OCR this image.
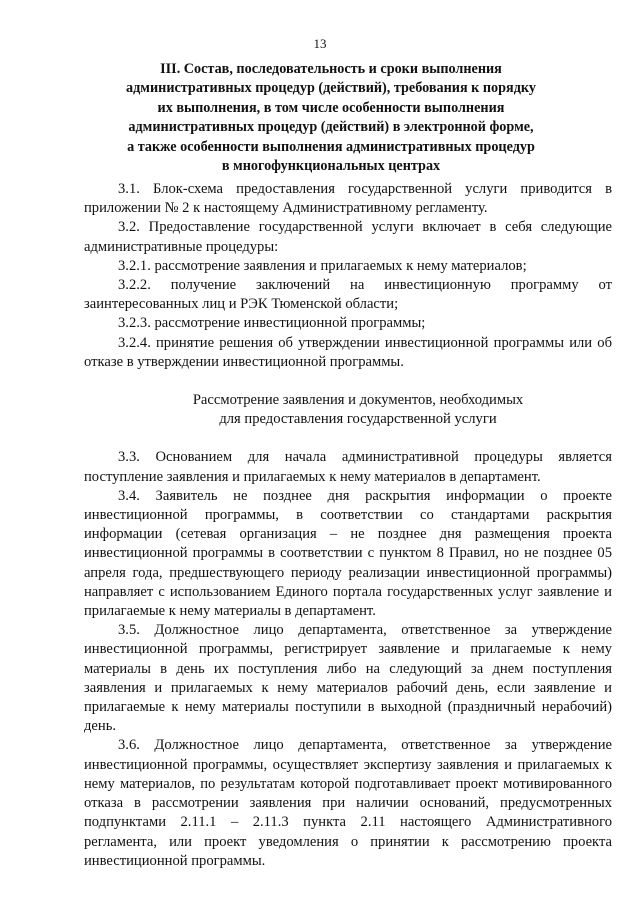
13
III. Состав, последовательность и сроки выполнения
административных процедур (действий), требования к порядку
их выполнения, в том числе особенности выполнения
административных процедур (действий) в электронной форме,
а также особенности выполнения административных процедур
в многофункциональных центрах

3.1. Блок-схема предоставления государственной услуги приводится в приложении № 2 к настоящему Административному регламенту.

3.2. Предоставление государственной услуги включает в себя следующие административные процедуры:

3.2.1. рассмотрение заявления и прилагаемых к нему материалов;

3.2.2. получение заключений на инвестиционную программу от заинтересованных лиц и РЭК Тюменской области;

3.2.3. рассмотрение инвестиционной программы;

3.2.4. принятие решения об утверждении инвестиционной программы или об отказе в утверждении инвестиционной программы.

Рассмотрение заявления и документов, необходимых
для предоставления государственной услуги

3.3. Основанием для начала административной процедуры является поступление заявления и прилагаемых к нему материалов в департамент.

3.4. Заявитель не позднее дня раскрытия информации о проекте инвестиционной программы, в соответствии со стандартами раскрытия информации (сетевая организация – не позднее дня размещения проекта инвестиционной программы в соответствии с пунктом 8 Правил, но не позднее 05 апреля года, предшествующего периоду реализации инвестиционной программы) направляет с использованием Единого портала государственных услуг заявление и прилагаемые к нему материалы в департамент.

3.5. Должностное лицо департамента, ответственное за утверждение инвестиционной программы, регистрирует заявление и прилагаемые к нему материалы в день их поступления либо на следующий за днем поступления заявления и прилагаемых к нему материалов рабочий день, если заявление и прилагаемые к нему материалы поступили в выходной (праздничный нерабочий) день.

3.6. Должностное лицо департамента, ответственное за утверждение инвестиционной программы, осуществляет экспертизу заявления и прилагаемых к нему материалов, по результатам которой подготавливает проект мотивированного отказа в рассмотрении заявления при наличии оснований, предусмотренных подпунктами 2.11.1 – 2.11.3 пункта 2.11 настоящего Административного регламента, или проект уведомления о принятии к рассмотрению проекта инвестиционной программы.
